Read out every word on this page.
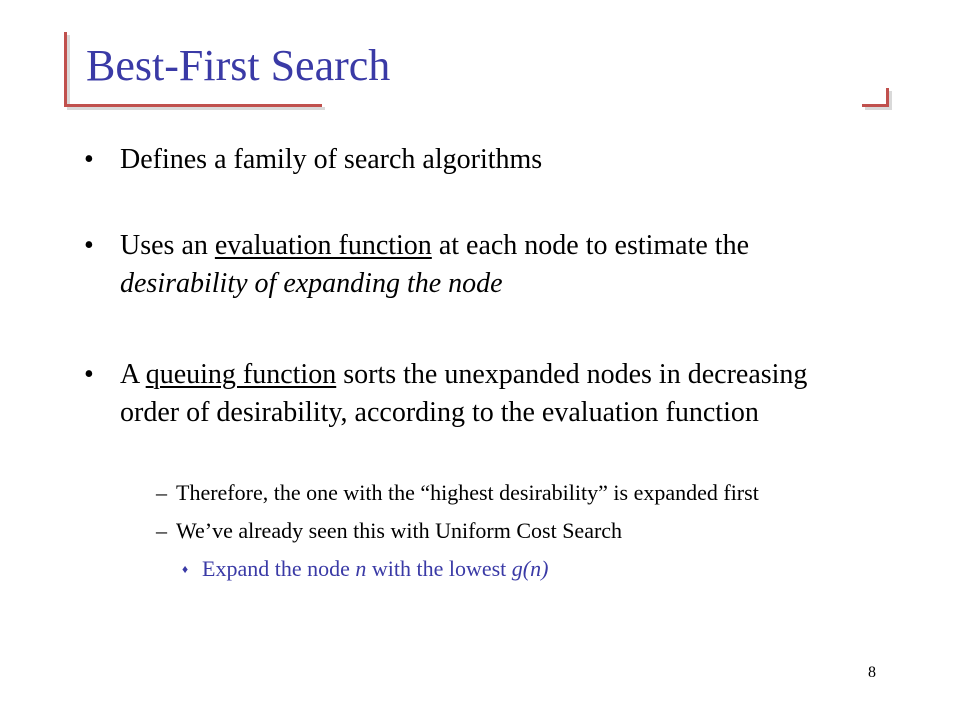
Best-First Search
• Defines a family of search algorithms
• Uses an evaluation function at each node to estimate the desirability of expanding the node
• A queuing function sorts the unexpanded nodes in decreasing order of desirability, according to the evaluation function
– Therefore, the one with the “highest desirability” is expanded first
– We’ve already seen this with Uniform Cost Search
♦ Expand the node n with the lowest g(n)
8
